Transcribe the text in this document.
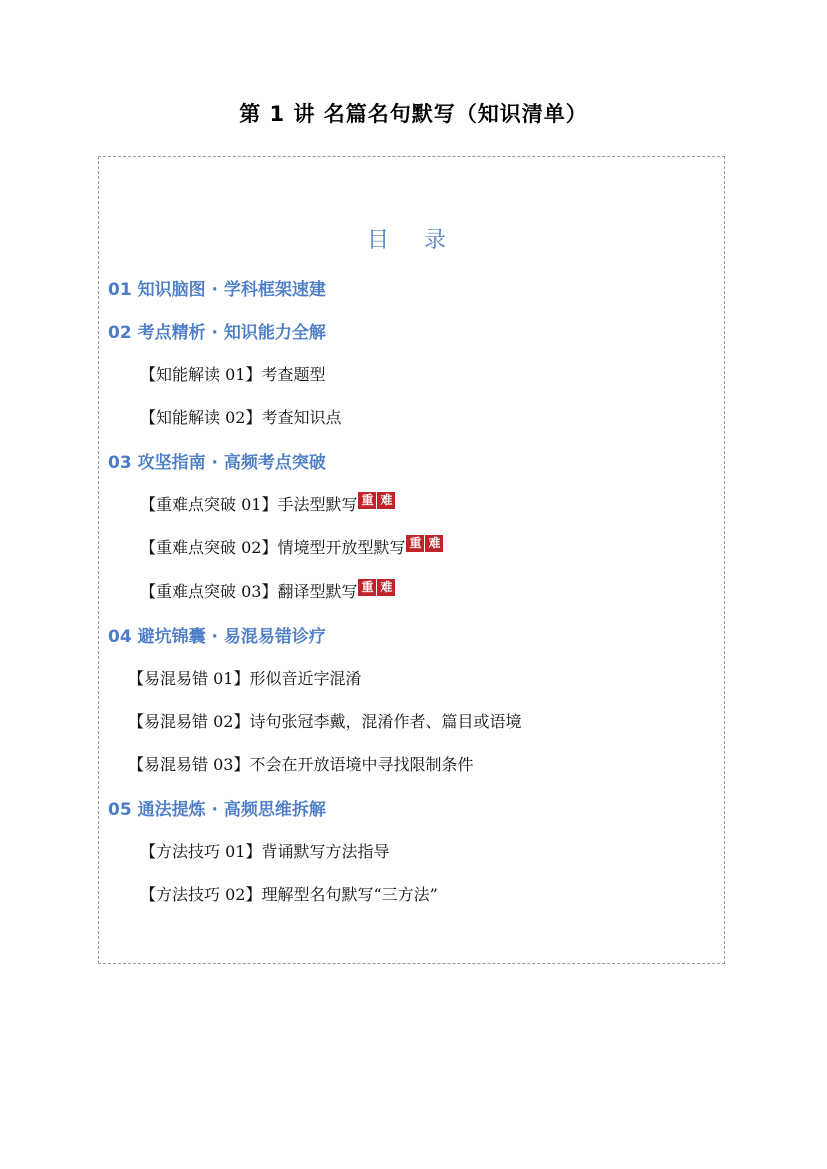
第 1 讲 名篇名句默写（知识清单）
目 录
01 知识脑图 · 学科框架速建
02 考点精析 · 知识能力全解
【知能解读 01】考查题型
【知能解读 02】考查知识点
03 攻坚指南 · 高频考点突破
【重难点突破 01】手法型默写 重 难
【重难点突破 02】情境型开放型默写 重 难
【重难点突破 03】翻译型默写 重 难
04 避坑锦囊 · 易混易错诊疗
【易混易错 01】形似音近字混淆
【易混易错 02】诗句张冠李戴，混淆作者、篇目或语境
【易混易错 03】不会在开放语境中寻找限制条件
05 通法提炼 · 高频思维拆解
【方法技巧 01】背诵默写方法指导
【方法技巧 02】理解型名句默写“三方法”
